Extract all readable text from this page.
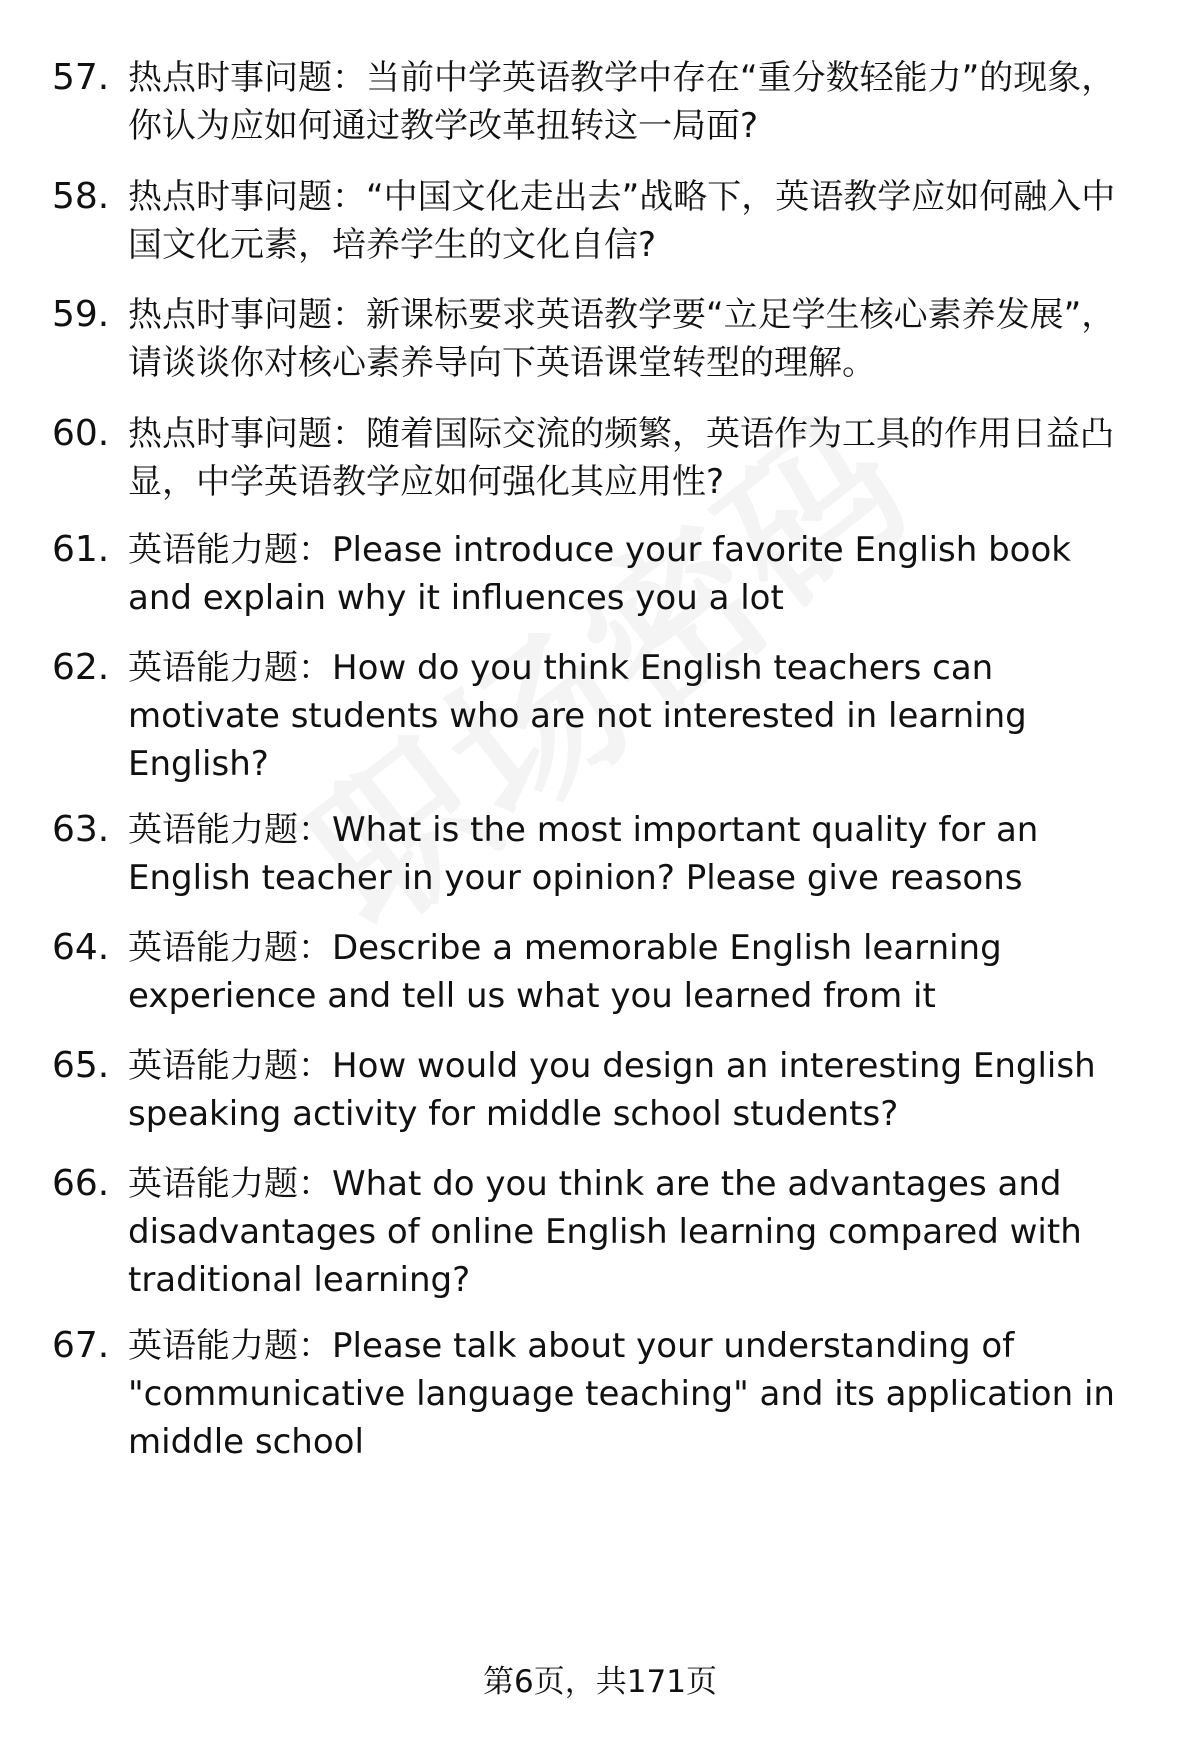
57. 热点时事问题：当前中学英语教学中存在“重分数轻能力”的现象，你认为应如何通过教学改革扭转这一局面?
58. 热点时事问题：“中国文化走出去”战略下，英语教学应如何融入中国文化元素，培养学生的文化自信?
59. 热点时事问题：新课标要求英语教学要“立足学生核心素养发展”，请谈谈你对核心素养导向下英语课堂转型的理解。
60. 热点时事问题：随着国际交流的频繁，英语作为工具的作用日益凸显，中学英语教学应如何强化其应用性?
61. 英语能力题：Please introduce your favorite English book and explain why it influences you a lot
62. 英语能力题：How do you think English teachers can motivate students who are not interested in learning English?
63. 英语能力题：What is the most important quality for an English teacher in your opinion? Please give reasons
64. 英语能力题：Describe a memorable English learning experience and tell us what you learned from it
65. 英语能力题：How would you design an interesting English speaking activity for middle school students?
66. 英语能力题：What do you think are the advantages and disadvantages of online English learning compared with traditional learning?
67. 英语能力题：Please talk about your understanding of "communicative language teaching" and its application in middle school
第6页，共171页
